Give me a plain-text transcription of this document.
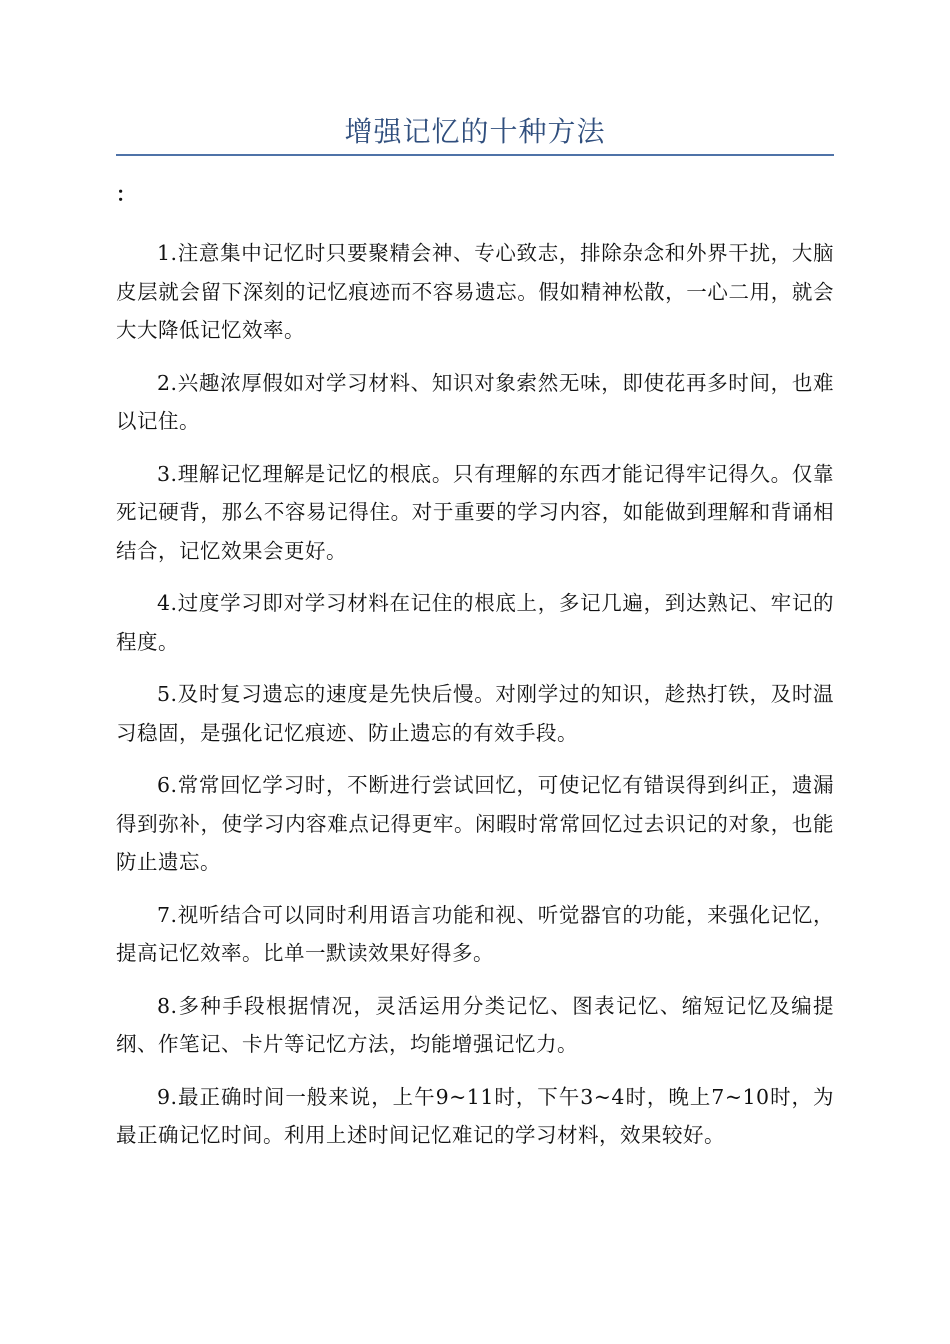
增强记忆的十种方法
：

1.注意集中记忆时只要聚精会神、专心致志，排除杂念和外界干扰，大脑皮层就会留下深刻的记忆痕迹而不容易遗忘。假如精神松散，一心二用，就会大大降低记忆效率。

2.兴趣浓厚假如对学习材料、知识对象索然无味，即使花再多时间，也难以记住。

3.理解记忆理解是记忆的根底。只有理解的东西才能记得牢记得久。仅靠死记硬背，那么不容易记得住。对于重要的学习内容，如能做到理解和背诵相结合，记忆效果会更好。

4.过度学习即对学习材料在记住的根底上，多记几遍，到达熟记、牢记的程度。

5.及时复习遗忘的速度是先快后慢。对刚学过的知识，趁热打铁，及时温习稳固，是强化记忆痕迹、防止遗忘的有效手段。

6.常常回忆学习时，不断进行尝试回忆，可使记忆有错误得到纠正，遗漏得到弥补，使学习内容难点记得更牢。闲暇时常常回忆过去识记的对象，也能防止遗忘。

7.视听结合可以同时利用语言功能和视、听觉器官的功能，来强化记忆，提高记忆效率。比单一默读效果好得多。

8.多种手段根据情况，灵活运用分类记忆、图表记忆、缩短记忆及编提纲、作笔记、卡片等记忆方法，均能增强记忆力。

9.最正确时间一般来说，上午9~11时，下午3~4时，晚上7~10时，为最正确记忆时间。利用上述时间记忆难记的学习材料，效果较好。
